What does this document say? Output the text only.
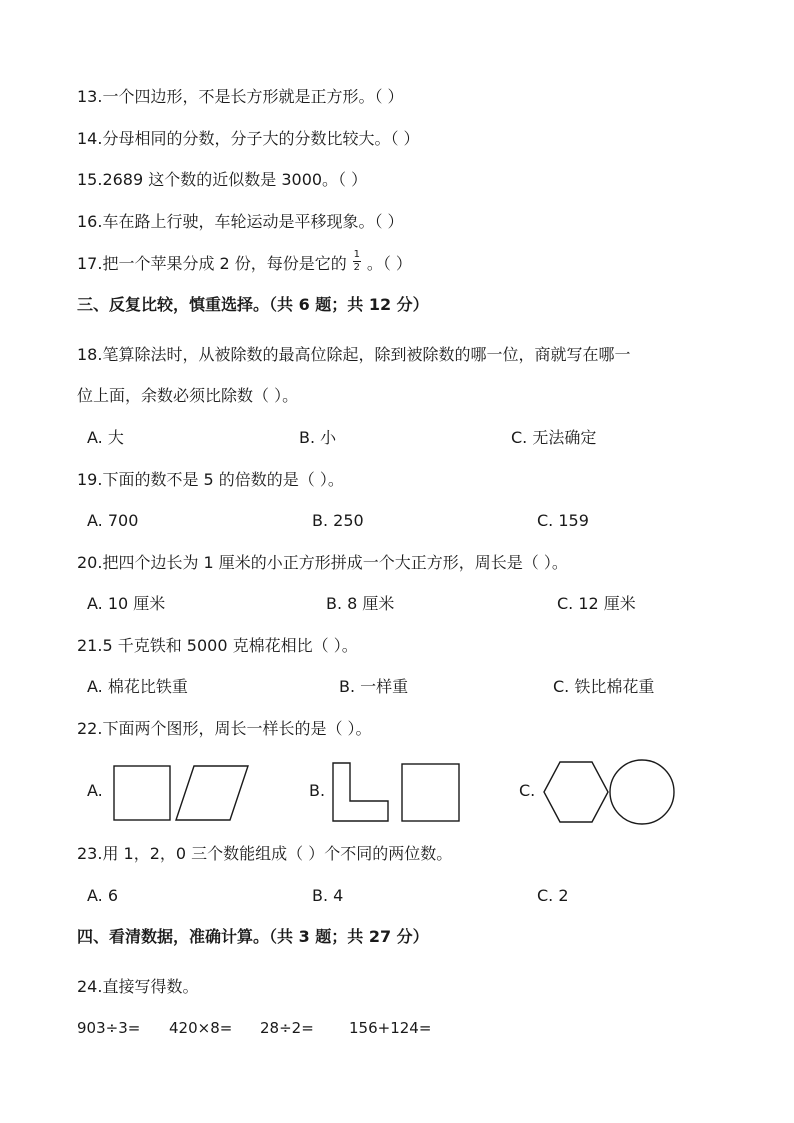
13.一个四边形，不是长方形就是正方形。（ ）
14.分母相同的分数，分子大的分数比较大。（ ）
15.2689 这个数的近似数是 3000。（ ）
16.车在路上行驶，车轮运动是平移现象。（ ）
17.把一个苹果分成 2 份，每份是它的 $\frac{1}{2}$ 。（ ）
三、反复比较，慎重选择。（共 6 题；共 12 分）
18.笔算除法时，从被除数的最高位除起，除到被除数的哪一位，商就写在哪一
位上面，余数必须比除数（ ）。
A. 大	B. 小	C. 无法确定
19.下面的数不是 5 的倍数的是（ ）。
A. 700	B. 250	C. 159
20.把四个边长为 1 厘米的小正方形拼成一个大正方形，周长是（ ）。
A. 10 厘米	B. 8 厘米	C. 12 厘米
21.5 千克铁和 5000 克棉花相比（ ）。
A. 棉花比铁重	B. 一样重	C. 铁比棉花重
22.下面两个图形，周长一样长的是（ ）。
A.	B.	C.
23.用 1，2，0 三个数能组成（ ）个不同的两位数。
A. 6	B. 4	C. 2
四、看清数据，准确计算。（共 3 题；共 27 分）
24.直接写得数。
903÷3= 420×8= 28÷2= 156+124=
